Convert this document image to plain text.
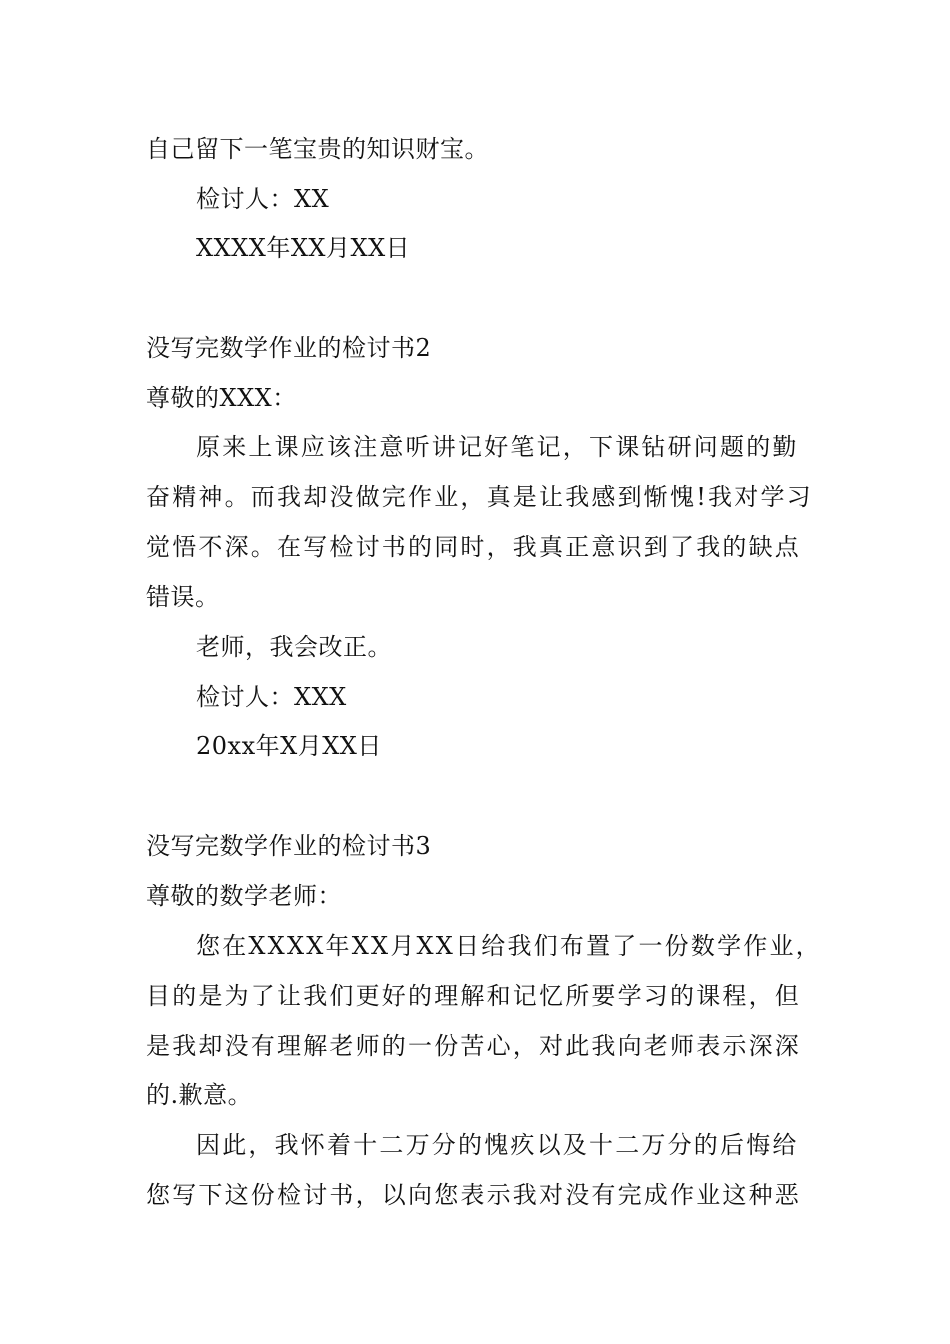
自己留下一笔宝贵的知识财宝。
检讨人：XX
XXXX年XX月XX日
没写完数学作业的检讨书2
尊敬的XXX：
原来上课应该注意听讲记好笔记，下课钻研问题的勤
奋精神。而我却没做完作业，真是让我感到惭愧!我对学习
觉悟不深。在写检讨书的同时，我真正意识到了我的缺点
错误。
老师，我会改正。
检讨人：XXX
20xx年X月XX日
没写完数学作业的检讨书3
尊敬的数学老师：
您在XXXX年XX月XX日给我们布置了一份数学作业，
目的是为了让我们更好的理解和记忆所要学习的课程，但
是我却没有理解老师的一份苦心，对此我向老师表示深深
的.歉意。
因此，我怀着十二万分的愧疚以及十二万分的后悔给
您写下这份检讨书，以向您表示我对没有完成作业这种恶
